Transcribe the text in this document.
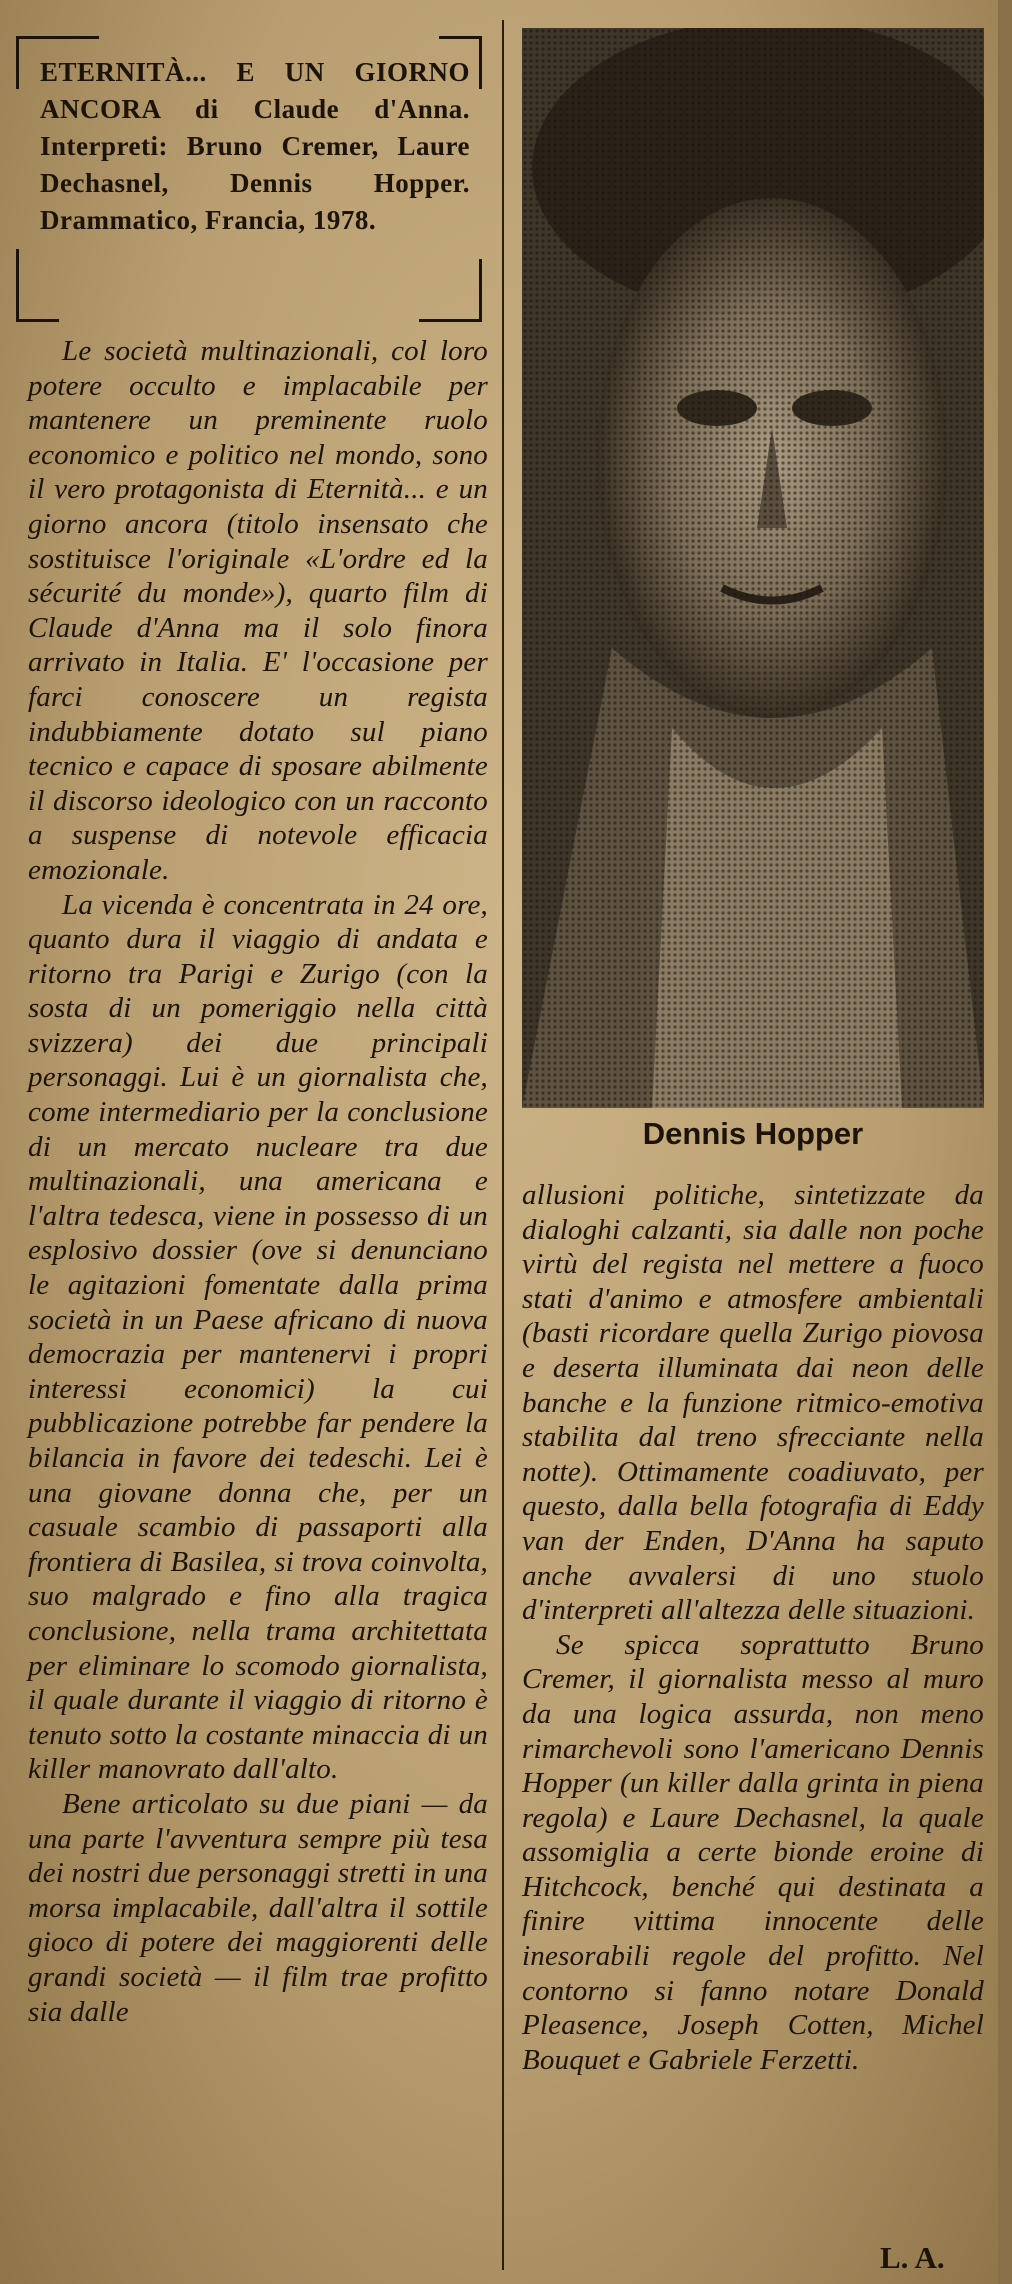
ETERNITÀ... E UN GIORNO ANCORA di Claude d'Anna. Interpreti: Bruno Cremer, Laure Dechasnel, Dennis Hopper. Drammatico, Francia, 1978.

Le società multinazionali, col loro potere occulto e implacabile per mantenere un preminente ruolo economico e politico nel mondo, sono il vero protagonista di Eternità... e un giorno ancora (titolo insensato che sostituisce l'originale «L'ordre ed la sécurité du monde»), quarto film di Claude d'Anna ma il solo finora arrivato in Italia. E' l'occasione per farci conoscere un regista indubbiamente dotato sul piano tecnico e capace di sposare abilmente il discorso ideologico con un racconto a suspense di notevole efficacia emozionale.

La vicenda è concentrata in 24 ore, quanto dura il viaggio di andata e ritorno tra Parigi e Zurigo (con la sosta di un pomeriggio nella città svizzera) dei due principali personaggi. Lui è un giornalista che, come intermediario per la conclusione di un mercato nucleare tra due multinazionali, una americana e l'altra tedesca, viene in possesso di un esplosivo dossier (ove si denunciano le agitazioni fomentate dalla prima società in un Paese africano di nuova democrazia per mantenervi i propri interessi economici) la cui pubblicazione potrebbe far pendere la bilancia in favore dei tedeschi. Lei è una giovane donna che, per un casuale scambio di passaporti alla frontiera di Basilea, si trova coinvolta, suo malgrado e fino alla tragica conclusione, nella trama architettata per eliminare lo scomodo giornalista, il quale durante il viaggio di ritorno è tenuto sotto la costante minaccia di un killer manovrato dall'alto.

Bene articolato su due piani — da una parte l'avventura sempre più tesa dei nostri due personaggi stretti in una morsa implacabile, dall'altra il sottile gioco di potere dei maggiorenti delle grandi società — il film trae profitto sia dalle

Dennis Hopper

allusioni politiche, sintetizzate da dialoghi calzanti, sia dalle non poche virtù del regista nel mettere a fuoco stati d'animo e atmosfere ambientali (basti ricordare quella Zurigo piovosa e deserta illuminata dai neon delle banche e la funzione ritmico-emotiva stabilita dal treno sfrecciante nella notte). Ottimamente coadiuvato, per questo, dalla bella fotografia di Eddy van der Enden, D'Anna ha saputo anche avvalersi di uno stuolo d'interpreti all'altezza delle situazioni.

Se spicca soprattutto Bruno Cremer, il giornalista messo al muro da una logica assurda, non meno rimarchevoli sono l'americano Dennis Hopper (un killer dalla grinta in piena regola) e Laure Dechasnel, la quale assomiglia a certe bionde eroine di Hitchcock, benché qui destinata a finire vittima innocente delle inesorabili regole del profitto. Nel contorno si fanno notare Donald Pleasence, Joseph Cotten, Michel Bouquet e Gabriele Ferzetti.

L. A.
